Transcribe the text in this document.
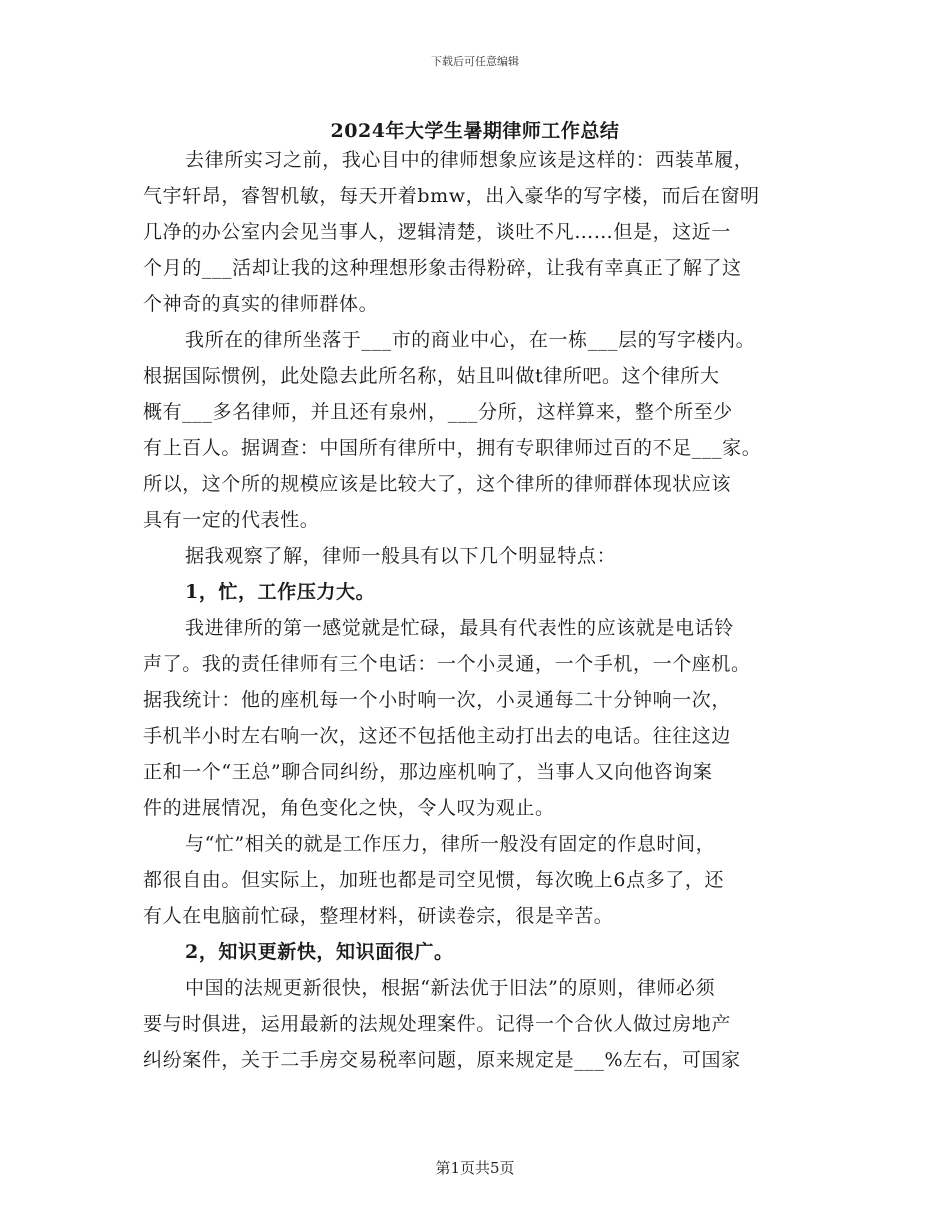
下载后可任意编辑
2024年大学生暑期律师工作总结
去律所实习之前，我心目中的律师想象应该是这样的：西装革履，
气宇轩昂，睿智机敏，每天开着bmw，出入豪华的写字楼，而后在窗明
几净的办公室内会见当事人，逻辑清楚，谈吐不凡……但是，这近一
个月的___活却让我的这种理想形象击得粉碎，让我有幸真正了解了这
个神奇的真实的律师群体。
我所在的律所坐落于___市的商业中心，在一栋___层的写字楼内。
根据国际惯例，此处隐去此所名称，姑且叫做t律所吧。这个律所大
概有___多名律师，并且还有泉州，___分所，这样算来，整个所至少
有上百人。据调查：中国所有律所中，拥有专职律师过百的不足___家。
所以，这个所的规模应该是比较大了，这个律所的律师群体现状应该
具有一定的代表性。
据我观察了解，律师一般具有以下几个明显特点：
1，忙，工作压力大。
我进律所的第一感觉就是忙碌，最具有代表性的应该就是电话铃
声了。我的责任律师有三个电话：一个小灵通，一个手机，一个座机。
据我统计：他的座机每一个小时响一次，小灵通每二十分钟响一次，
手机半小时左右响一次，这还不包括他主动打出去的电话。往往这边
正和一个“王总”聊合同纠纷，那边座机响了，当事人又向他咨询案
件的进展情况，角色变化之快，令人叹为观止。
与“忙”相关的就是工作压力，律所一般没有固定的作息时间，
都很自由。但实际上，加班也都是司空见惯，每次晚上6点多了，还
有人在电脑前忙碌，整理材料，研读卷宗，很是辛苦。
2，知识更新快，知识面很广。
中国的法规更新很快，根据“新法优于旧法”的原则，律师必须
要与时俱进，运用最新的法规处理案件。记得一个合伙人做过房地产
纠纷案件，关于二手房交易税率问题，原来规定是___%左右，可国家
第1页共5页
